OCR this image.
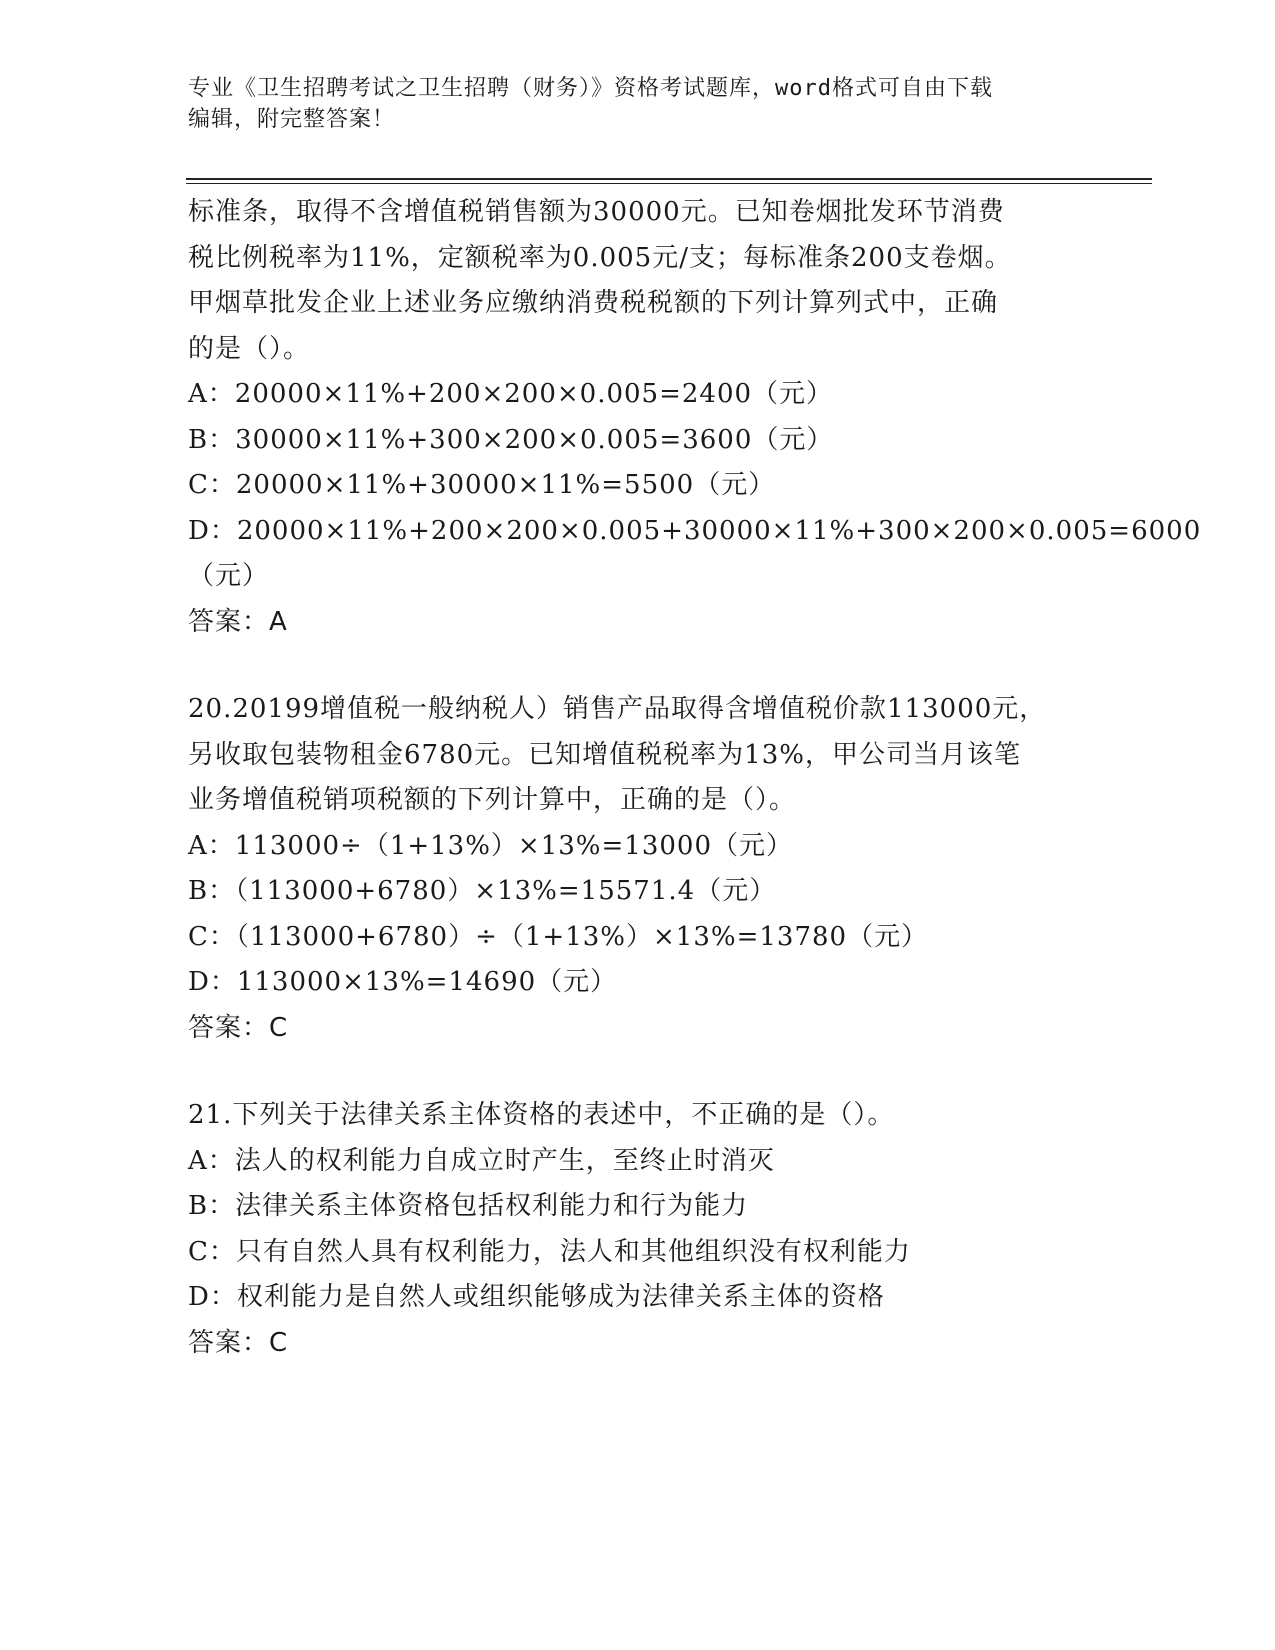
专业《卫生招聘考试之卫生招聘（财务）》资格考试题库，word格式可自由下载
编辑，附完整答案！
标准条，取得不含增值税销售额为30000元。已知卷烟批发环节消费
税比例税率为11%，定额税率为0.005元/支；每标准条200支卷烟。
甲烟草批发企业上述业务应缴纳消费税税额的下列计算列式中，正确
的是（）。
A：20000×11%+200×200×0.005=2400（元）
B：30000×11%+300×200×0.005=3600（元）
C：20000×11%+30000×11%=5500（元）
D：20000×11%+200×200×0.005+30000×11%+300×200×0.005=6000
（元）
答案：A
20.20199增值税一般纳税人）销售产品取得含增值税价款113000元，
另收取包装物租金6780元。已知增值税税率为13%，甲公司当月该笔
业务增值税销项税额的下列计算中，正确的是（）。
A：113000÷（1+13%）×13%=13000（元）
B：（113000+6780）×13%=15571.4（元）
C：（113000+6780）÷（1+13%）×13%=13780（元）
D：113000×13%=14690（元）
答案：C
21.下列关于法律关系主体资格的表述中，不正确的是（）。
A：法人的权利能力自成立时产生，至终止时消灭
B：法律关系主体资格包括权利能力和行为能力
C：只有自然人具有权利能力，法人和其他组织没有权利能力
D：权利能力是自然人或组织能够成为法律关系主体的资格
答案：C
